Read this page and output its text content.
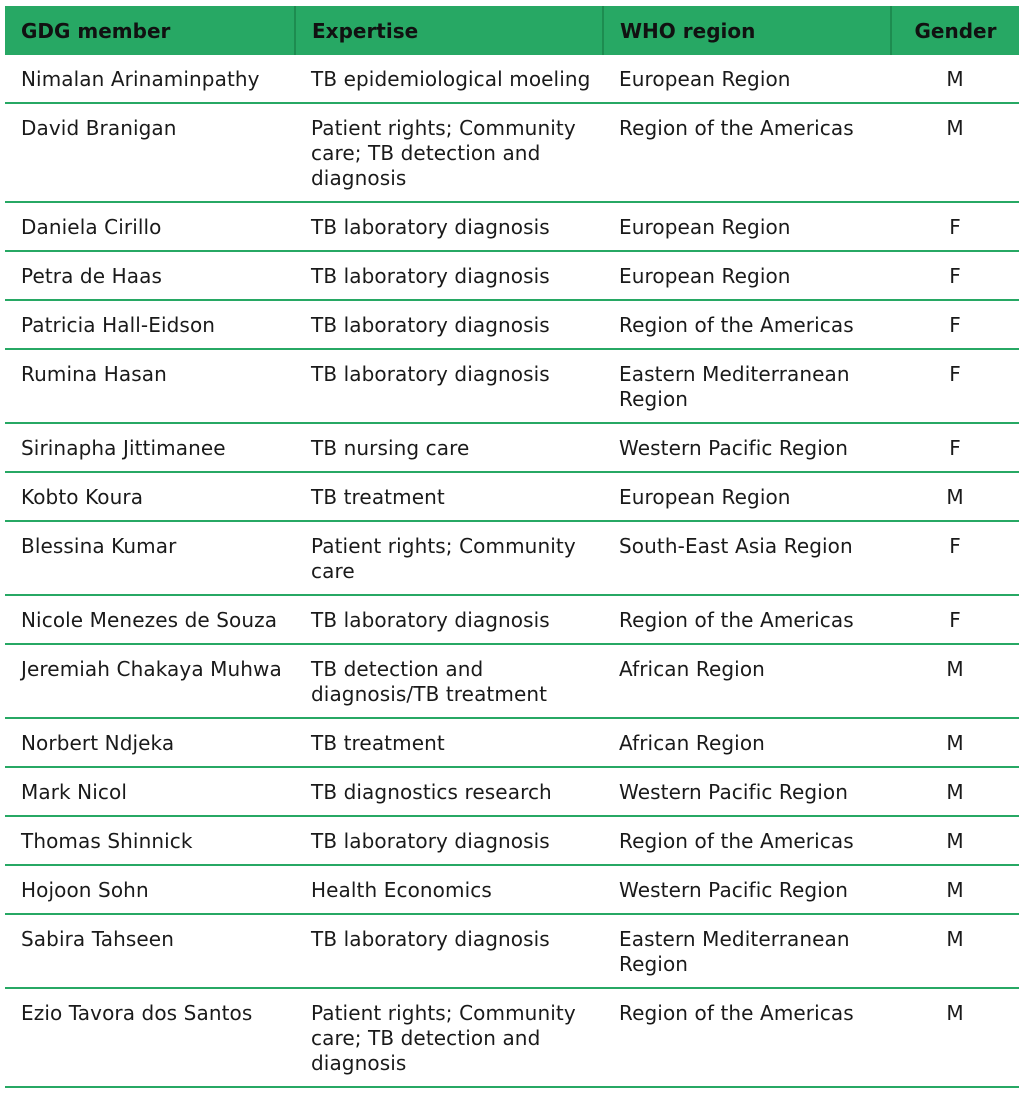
GDG member	Expertise	WHO region	Gender
Nimalan Arinaminpathy	TB epidemiological moeling	European Region	M
David Branigan	Patient rights; Community care; TB detection and diagnosis	Region of the Americas	M
Daniela Cirillo	TB laboratory diagnosis	European Region	F
Petra de Haas	TB laboratory diagnosis	European Region	F
Patricia Hall-Eidson	TB laboratory diagnosis	Region of the Americas	F
Rumina Hasan	TB laboratory diagnosis	Eastern Mediterranean Region	F
Sirinapha Jittimanee	TB nursing care	Western Pacific Region	F
Kobto Koura	TB treatment	European Region	M
Blessina Kumar	Patient rights; Community care	South-East Asia Region	F
Nicole Menezes de Souza	TB laboratory diagnosis	Region of the Americas	F
Jeremiah Chakaya Muhwa	TB detection and diagnosis/TB treatment	African Region	M
Norbert Ndjeka	TB treatment	African Region	M
Mark Nicol	TB diagnostics research	Western Pacific Region	M
Thomas Shinnick	TB laboratory diagnosis	Region of the Americas	M
Hojoon Sohn	Health Economics	Western Pacific Region	M
Sabira Tahseen	TB laboratory diagnosis	Eastern Mediterranean Region	M
Ezio Tavora dos Santos	Patient rights; Community care; TB detection and diagnosis	Region of the Americas	M
